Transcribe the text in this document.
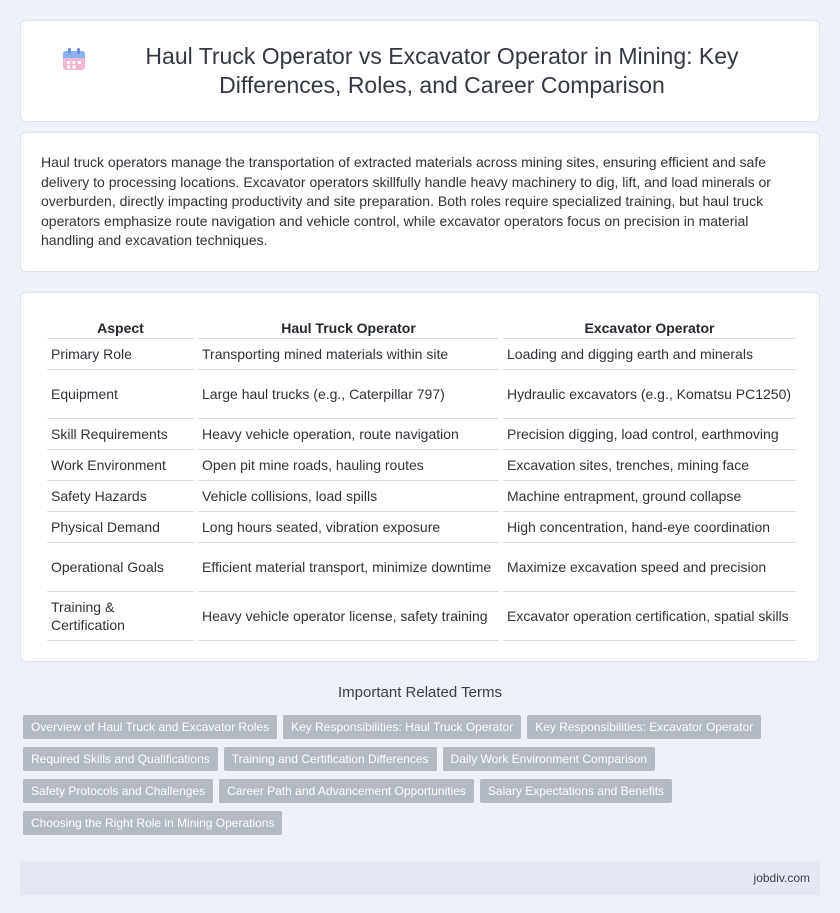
Haul Truck Operator vs Excavator Operator in Mining: Key Differences, Roles, and Career Comparison

Haul truck operators manage the transportation of extracted materials across mining sites, ensuring efficient and safe delivery to processing locations. Excavator operators skillfully handle heavy machinery to dig, lift, and load minerals or overburden, directly impacting productivity and site preparation. Both roles require specialized training, but haul truck operators emphasize route navigation and vehicle control, while excavator operators focus on precision in material handling and excavation techniques.

Aspect	Haul Truck Operator	Excavator Operator
Primary Role	Transporting mined materials within site	Loading and digging earth and minerals
Equipment	Large haul trucks (e.g., Caterpillar 797)	Hydraulic excavators (e.g., Komatsu PC1250)
Skill Requirements	Heavy vehicle operation, route navigation	Precision digging, load control, earthmoving
Work Environment	Open pit mine roads, hauling routes	Excavation sites, trenches, mining face
Safety Hazards	Vehicle collisions, load spills	Machine entrapment, ground collapse
Physical Demand	Long hours seated, vibration exposure	High concentration, hand-eye coordination
Operational Goals	Efficient material transport, minimize downtime	Maximize excavation speed and precision
Training & Certification	Heavy vehicle operator license, safety training	Excavator operation certification, spatial skills
Important Related Terms
Overview of Haul Truck and Excavator Roles	Key Responsibilities: Haul Truck Operator	Key Responsibilities: Excavator Operator
Required Skills and Qualifications	Training and Certification Differences	Daily Work Environment Comparison
Safety Protocols and Challenges	Career Path and Advancement Opportunities	Salary Expectations and Benefits
Choosing the Right Role in Mining Operations
jobdiv.com
